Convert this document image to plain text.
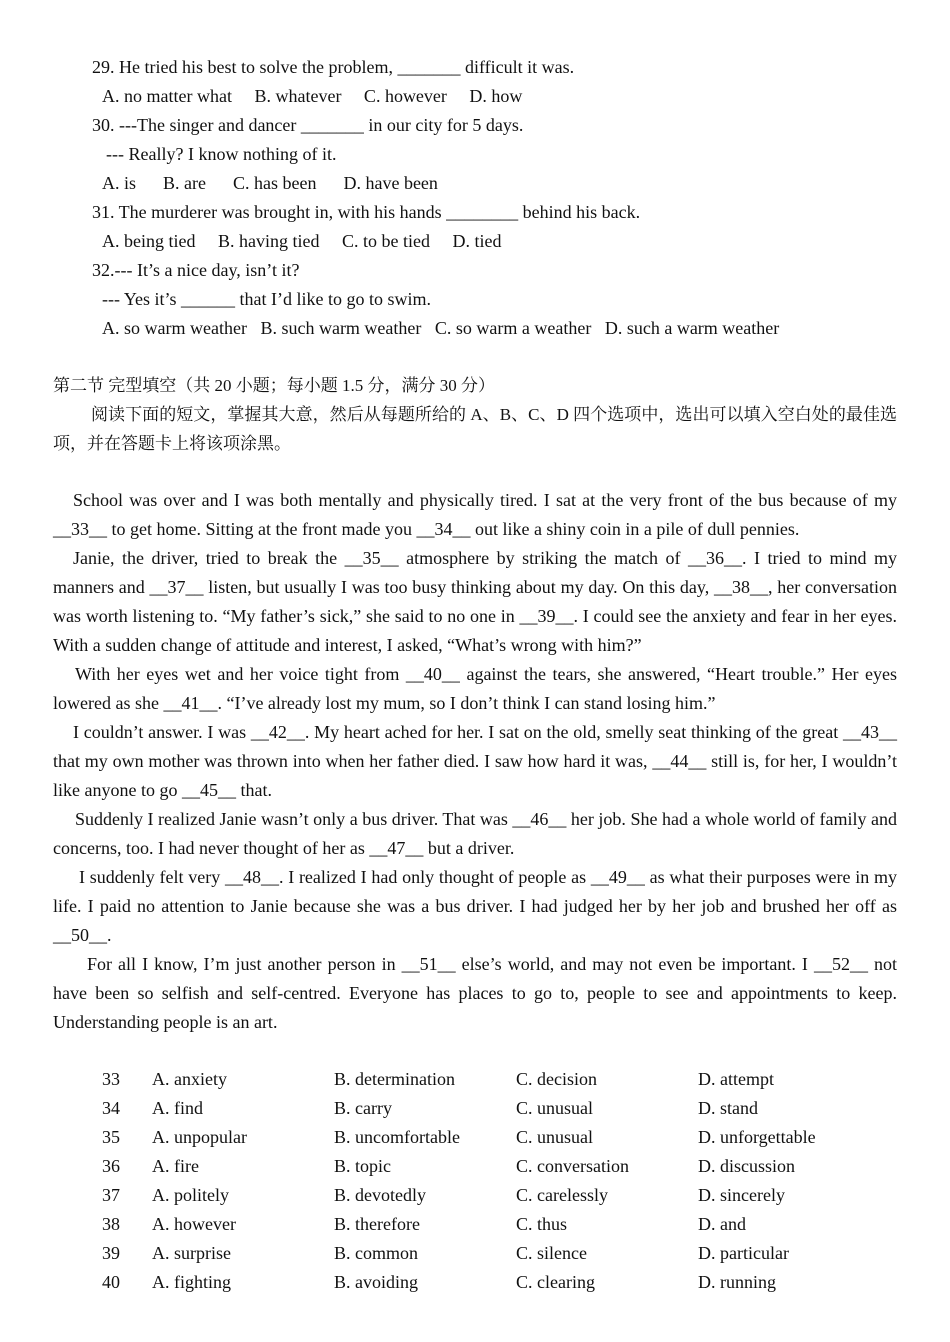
29. He tried his best to solve the problem, _______ difficult it was.
A. no matter what     B. whatever     C. however     D. how
30. ---The singer and dancer _______ in our city for 5 days.
--- Really? I know nothing of it.
A. is      B. are      C. has been      D. have been
31. The murderer was brought in, with his hands ________ behind his back.
A. being tied     B. having tied     C. to be tied     D. tied
32.--- It’s a nice day, isn’t it?
--- Yes it’s ______ that I’d like to go to swim.
A. so warm weather   B. such warm weather   C. so warm a weather   D. such a warm weather
第二节 完型填空（共 20 小题；每小题 1.5 分，满分 30 分）
阅读下面的短文，掌握其大意，然后从每题所给的 A、B、C、D 四个选项中，选出可以填入空白处的最佳选项，并在答题卡上将该项涂黑。
School was over and I was both mentally and physically tired. I sat at the very front of the bus because of my __33__ to get home. Sitting at the front made you __34__ out like a shiny coin in a pile of dull pennies.
Janie, the driver, tried to break the __35__ atmosphere by striking the match of __36__. I tried to mind my manners and __37__ listen, but usually I was too busy thinking about my day. On this day, __38__, her conversation was worth listening to. “My father’s sick,” she said to no one in __39__. I could see the anxiety and fear in her eyes. With a sudden change of attitude and interest, I asked, “What’s wrong with him?”
With her eyes wet and her voice tight from __40__ against the tears, she answered, “Heart trouble.” Her eyes lowered as she __41__. “I’ve already lost my mum, so I don’t think I can stand losing him.”
I couldn’t answer. I was __42__. My heart ached for her. I sat on the old, smelly seat thinking of the great __43__ that my own mother was thrown into when her father died. I saw how hard it was, __44__ still is, for her, I wouldn’t like anyone to go __45__ that.
Suddenly I realized Janie wasn’t only a bus driver. That was __46__ her job. She had a whole world of family and concerns, too. I had never thought of her as __47__ but a driver.
I suddenly felt very __48__. I realized I had only thought of people as __49__ as what their purposes were in my life. I paid no attention to Janie because she was a bus driver. I had judged her by her job and brushed her off as __50__.
For all I know, I’m just another person in __51__ else’s world, and may not even be important. I __52__ not have been so selfish and self-centred. Everyone has places to go to, people to see and appointments to keep. Understanding people is an art.
33	A. anxiety	B. determination	C. decision	D. attempt
34	A. find	B. carry	C. unusual	D. stand
35	A. unpopular	B. uncomfortable	C. unusual	D. unforgettable
36	A. fire	B. topic	C. conversation	D. discussion
37	A. politely	B. devotedly	C. carelessly	D. sincerely
38	A. however	B. therefore	C. thus	D. and
39	A. surprise	B. common	C. silence	D. particular
40	A. fighting	B. avoiding	C. clearing	D. running
